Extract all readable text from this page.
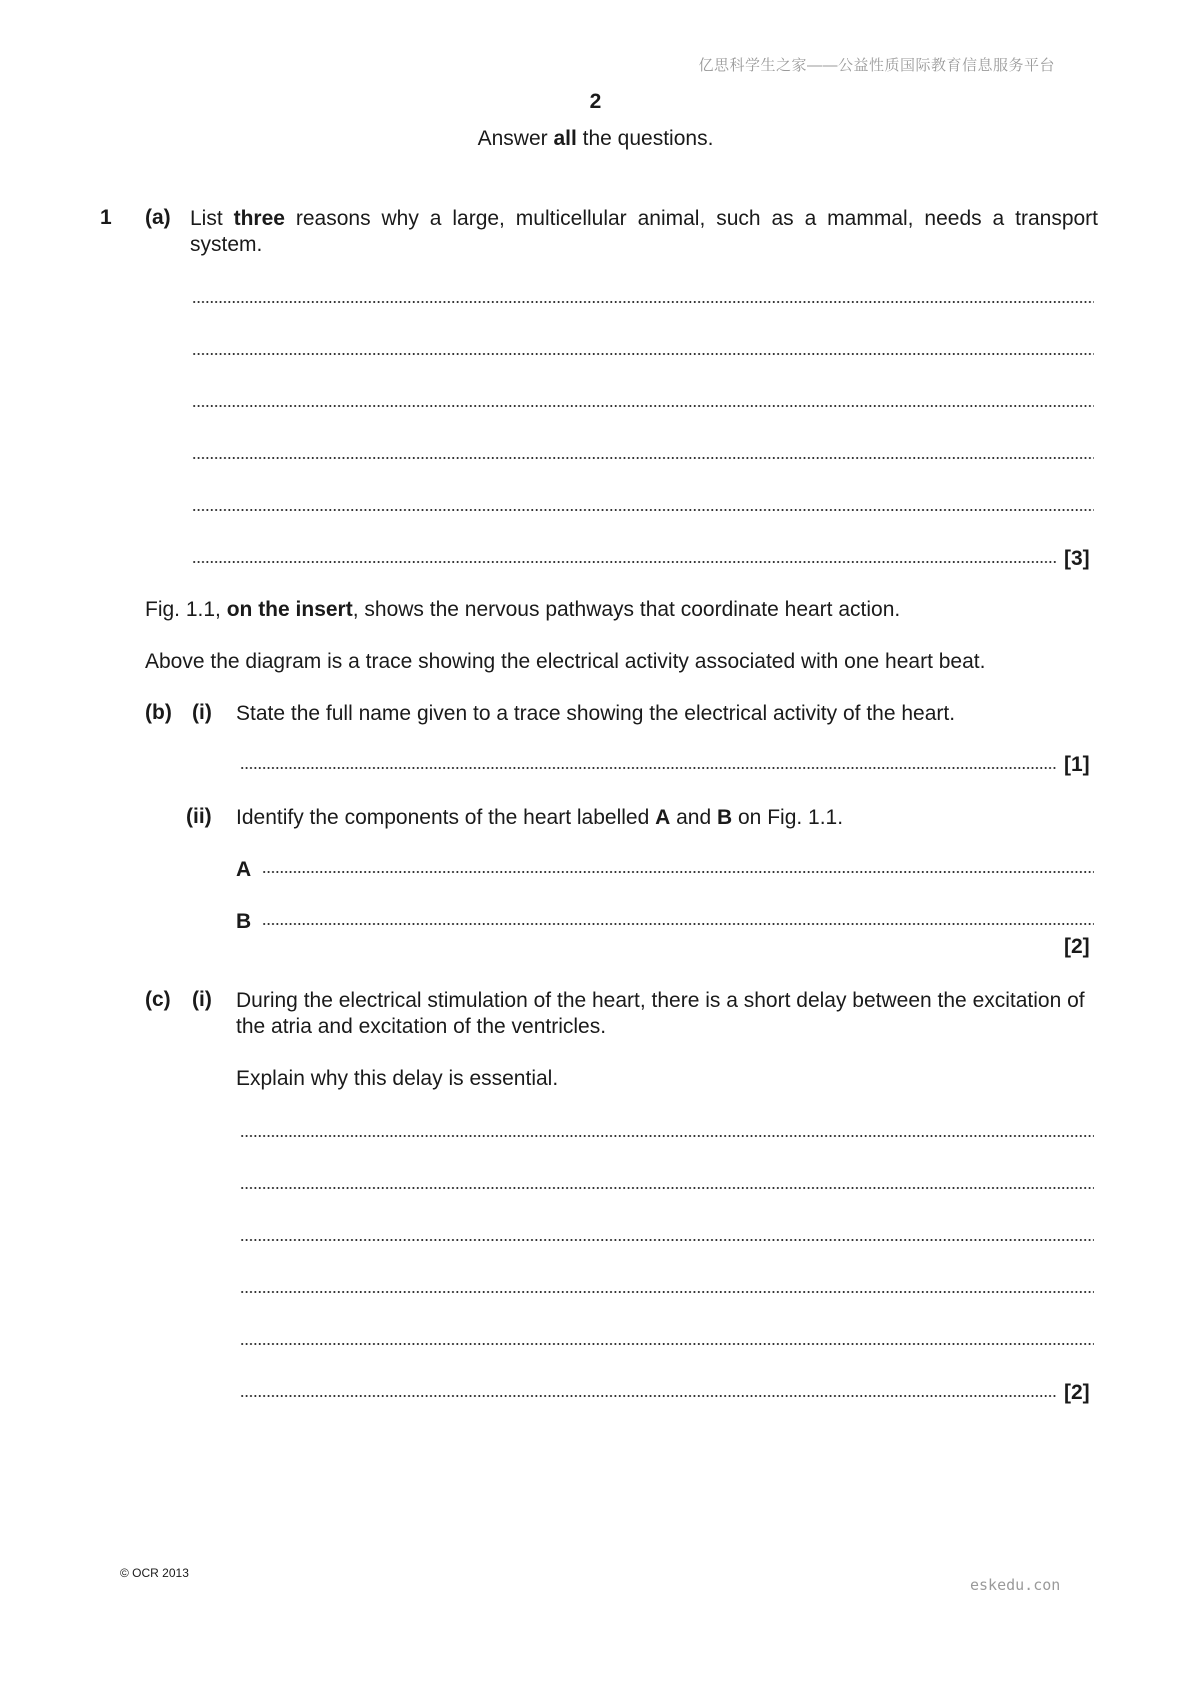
亿思科学生之家——公益性质国际教育信息服务平台
2
Answer all the questions.
1 (a) List three reasons why a large, multicellular animal, such as a mammal, needs a transport system.
[3]
Fig. 1.1, on the insert, shows the nervous pathways that coordinate heart action.
Above the diagram is a trace showing the electrical activity associated with one heart beat.
(b) (i) State the full name given to a trace showing the electrical activity of the heart.
[1]
(ii) Identify the components of the heart labelled A and B on Fig. 1.1.
A
B
[2]
(c) (i) During the electrical stimulation of the heart, there is a short delay between the excitation of the atria and excitation of the ventricles.
Explain why this delay is essential.
[2]
© OCR 2013
eskedu.con
